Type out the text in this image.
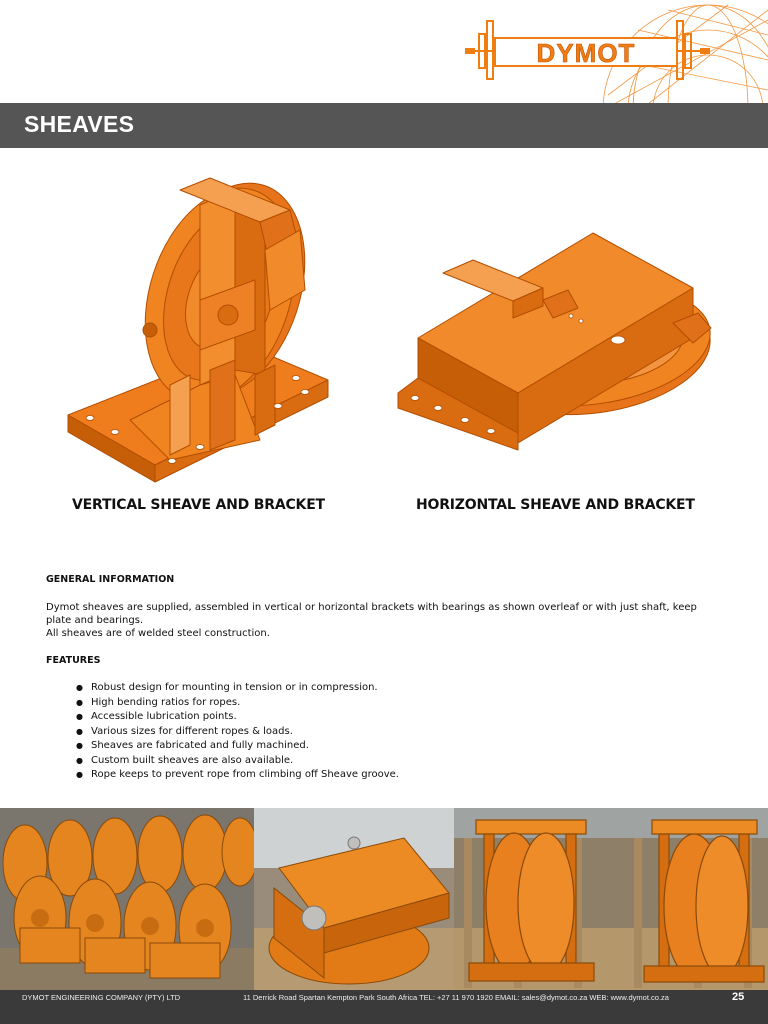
DYMOT
SHEAVES
VERTICAL SHEAVE AND BRACKET	HORIZONTAL SHEAVE AND BRACKET
GENERAL INFORMATION
Dymot sheaves are supplied, assembled in vertical or horizontal brackets with bearings as shown overleaf or with just shaft, keep
plate and bearings.
All sheaves are of welded steel construction.
FEATURES
● Robust design for mounting in tension or in compression.
● High bending ratios for ropes.
● Accessible lubrication points.
● Various sizes for different ropes & loads.
● Sheaves are fabricated and fully machined.
● Custom built sheaves are also available.
● Rope keeps to prevent rope from climbing off Sheave groove.
DYMOT ENGINEERING COMPANY (PTY) LTD	11 Derrick Road Spartan Kempton Park South Africa TEL: +27 11 970 1920 EMAIL: sales@dymot.co.za WEB: www.dymot.co.za	25
